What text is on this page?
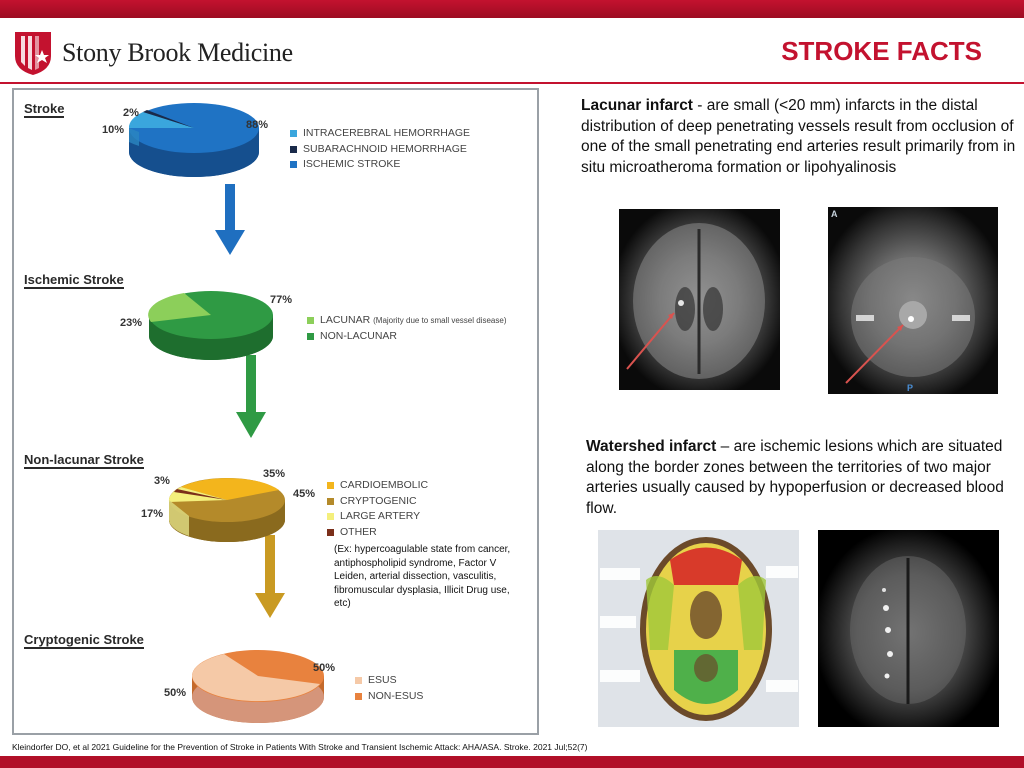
Stony Brook Medicine	STROKE FACTS
Stroke
Ischemic Stroke
Non-lacunar Stroke
Cryptogenic Stroke
2%
10%	88%
77%
23%
35%
3%
45%
17%
50%
50%
INTRACEREBRAL HEMORRHAGE
SUBARACHNOID HEMORRHAGE
ISCHEMIC STROKE
LACUNAR
(Majority due to small vessel disease)
NON-LACUNAR
CARDIOEMBOLIC
CRYPTOGENIC
LARGE ARTERY
OTHER
(Ex: hypercoagulable state from cancer, antiphospholipid syndrome, Factor V Leiden, arterial dissection, vasculitis, fibromuscular dysplasia, Illicit Drug use, etc)
ESUS
NON-ESUS
Lacunar infarct - are small (<20 mm) infarcts in the distal distribution of deep penetrating vessels result from occlusion of one of the small penetrating end arteries result primarily from in situ microatheroma formation or lipohyalinosis
A
P
Watershed infarct – are ischemic lesions which are situated along the border zones between the territories of two major arteries usually caused by hypoperfusion or decreased blood flow.
Kleindorfer DO, et al 2021 Guideline for the Prevention of Stroke in Patients With Stroke and Transient Ischemic Attack: AHA/ASA. Stroke. 2021 Jul;52(7)
